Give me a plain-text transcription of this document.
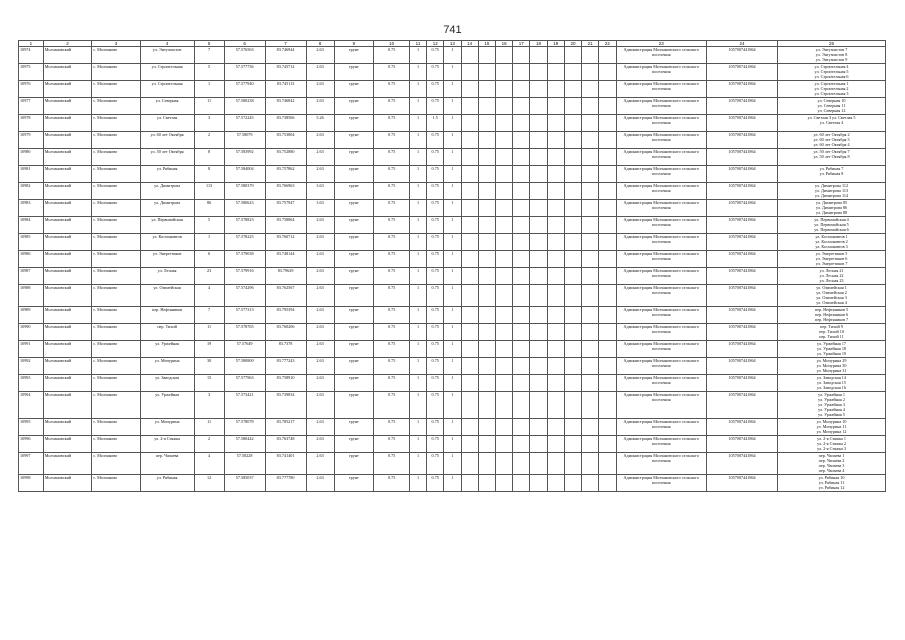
741
1	2	3	4	5	6	7	8	9	10	11	12	13	14	15	16	17	18	19	20	21	22	23	24	25
10974	Молчановский	с. Молчаново	ул. Энтузиастов	7	57.576563	83.746944	2.63	грунт	0.75	1	0.75	1										Администрация Молчановского сельского поселения	1057007441864	ул. Энтузиастов 7
ул. Энтузиастов 8
ул. Энтузиастов 9

10975	Молчановский	с. Молчаново	ул. Строительная	5	57.577736	83.745712	2.63	грунт	0.75	1	0.75	1										Администрация Молчановского сельского поселения	1057007441864	ул. Строительная 4
ул. Строительная 5
ул. Строительная 6

10976	Молчановский	с. Молчаново	ул. Строительная	1	57.577940	83.745113	2.63	грунт	0.75	1	0.75	1										Администрация Молчановского сельского поселения	1057007441864	ул. Строительная 1
ул. Строительная 2
ул. Строительная 3

10977	Молчановский	с. Молчаново	ул. Северная	11	57.580238	83.746842	2.63	грунт	0.75	1	0.75	1										Администрация Молчановского сельского поселения	1057007441864	ул. Северная 10
ул. Северная 11
ул. Северная 12

10978	Молчановский	с. Молчаново	ул. Светлая	3	57.572245	83.738566	5.26	грунт	0.75	1	1.5	1										Администрация Молчановского сельского поселения	1057007441864	ул. Светлая 3 ул. Светлая 5
ул. Светлая 4

10979	Молчановский	с. Молчаново	ул. 60 лет Октября	2	57.58079	83.753804	2.63	грунт	0.75	1	0.75	1										Администрация Молчановского сельского поселения	1057007441864	ул. 60 лет Октября 2
ул. 60 лет Октября 3
ул. 60 лет Октября 4

10980	Молчановский	с. Молчаново	ул. 50 лет Октября	8	57.583992	83.752880	2.63	грунт	0.75	1	0.75	1										Администрация Молчановского сельского поселения	1057007441864	ул. 50 лет Октября 7
ул. 50 лет Октября 8

10981	Молчановский	с. Молчаново	ул. Рябиная	8	57.584004	83.757862	2.63	грунт	0.75	1	0.75	1										Администрация Молчановского сельского поселения	1057007441864	ул. Рябиная 7
ул. Рябиная 8

10982	Молчановский	с. Молчаново	ул. Димитрова	113	57.580379	83.766963	3.63	грунт	0.75	1	0.75	1										Администрация Молчановского сельского поселения	1057007441864	ул. Димитрова 112
ул. Димитрова 113
ул. Димитрова 114

10983	Молчановский	с. Молчаново	ул. Димитрова	86	57.580623	83.757947	3.63	грунт	0.75	1	0.75	1										Администрация Молчановского сельского поселения	1057007441864	ул. Димитрова 85
ул. Димитрова 86
ул. Димитрова 88

10984	Молчановский	с. Молчаново	ул. Первомайская	5	57.578823	83.758864	2.63	грунт	0.75	1	0.75	1										Администрация Молчановского сельского поселения	1057007441864	ул. Первомайская 4
ул. Первомайская 5
ул. Первомайская 6

10985	Молчановский	с. Молчаново	ул. Космонавтов	1	57.578225	83.760712	2.63	грунт	0.75	1	0.75	1										Администрация Молчановского сельского поселения	1057007441864	ул. Космонавтов 1
ул. Космонавтов 2
ул. Космонавтов 3

10986	Молчановский	с. Молчаново	ул. Энергетиков	6	57.579038	83.748144	2.63	грунт	0.75	1	0.75	1										Администрация Молчановского сельского поселения	1057007441864	ул. Энергетиков 5
ул. Энергетиков 6
ул. Энергетиков 7

10987	Молчановский	с. Молчаново	ул. Лесная	23	57.579916	83.79629	2.63	грунт	0.75	1	0.75	1										Администрация Молчановского сельского поселения	1057007441864	ул. Лесная 21
ул. Лесная 22
ул. Лесная 23

10988	Молчановский	с. Молчаново	ул. Озимейская	4	57.574296	83.762567	2.63	грунт	0.75	1	0.75	1										Администрация Молчановского сельского поселения	1057007441864	ул. Озимейская 1
ул. Озимейская 2
ул. Озимейская 3
ул. Озимейская 4

10989	Молчановский	с. Молчаново	пер. Нефтяников	7	57.577313	83.795394	2.63	грунт	0.75	1	0.75	1										Администрация Молчановского сельского поселения	1057007441864	пер. Нефтяников 5
пер. Нефтяников 6
пер. Нефтяников 7

10990	Молчановский	с. Молчаново	пер. Тихий	11	57.578765	83.760206	2.63	грунт	0.75	1	0.75	1										Администрация Молчановского сельского поселения	1057007441864	пер. Тихий 9
пер. Тихий 10
пер. Тихий 11

10991	Молчановский	с. Молчаново	ул. Уржейная	19	57.57649	83.7378	2.63	грунт	0.75	1	0.75	1										Администрация Молчановского сельского поселения	1057007441864	ул. Уржейная 17
ул. Уржейная 18
ул. Уржейная 19

10992	Молчановский	с. Молчаново	ул. Мичурина	30	57.580800	83.777243	2.63	грунт	0.75	1	0.75	1										Администрация Молчановского сельского поселения	1057007441864	ул. Мичурина 29
ул. Мичурина 30
ул. Мичурина 31

10993	Молчановский	с. Молчаново	ул. Заводская	15	57.577963	83.758910	2.63	грунт	0.75	1	0.75	1										Администрация Молчановского сельского поселения	1057007441864	ул. Заводская 14
ул. Заводская 15
ул. Заводская 16

10994	Молчановский	с. Молчаново	ул. Уржейная	3	57.573421	83.739834	2.63	грунт	0.75	1	0.75	1										Администрация Молчановского сельского поселения	1057007441864	ул. Уржейная 1
ул. Уржейная 2
ул. Уржейная 3
ул. Уржейная 4
ул. Уржейная 5

10995	Молчановский	с. Молчаново	ул. Мичурина	11	57.578078	83.785217	2.63	грунт	0.75	1	0.75	1										Администрация Молчановского сельского поселения	1057007441864	ул. Мичурина 10
ул. Мичурина 11
ул. Мичурина 12

10996	Молчановский	с. Молчаново	ул. 2-я Стяжка	2	57.580442	83.763748	2.63	грунт	0.75	1	0.75	1										Администрация Молчановского сельского поселения	1057007441864	ул. 2-я Стяжка 1
ул. 2-я Стяжка 2
ул. 2-я Стяжка 3

10997	Молчановский	с. Молчаново	пер. Чапаева	4	57.58228	83.741401	2.63	грунт	0.75	1	0.75	1										Администрация Молчановского сельского поселения	1057007441864	пер. Чапаева 1
пер. Чапаева 2
пер. Чапаева 3
пер. Чапаева 4

10998	Молчановский	с. Молчаново	ул. Рябиная	12	57.585037	83.777780	2.63	грунт	0.75	1	0.75	1										Администрация Молчановского сельского поселения	1057007441864	ул. Рябиная 10
ул. Рябиная 11
ул. Рябиная 12
